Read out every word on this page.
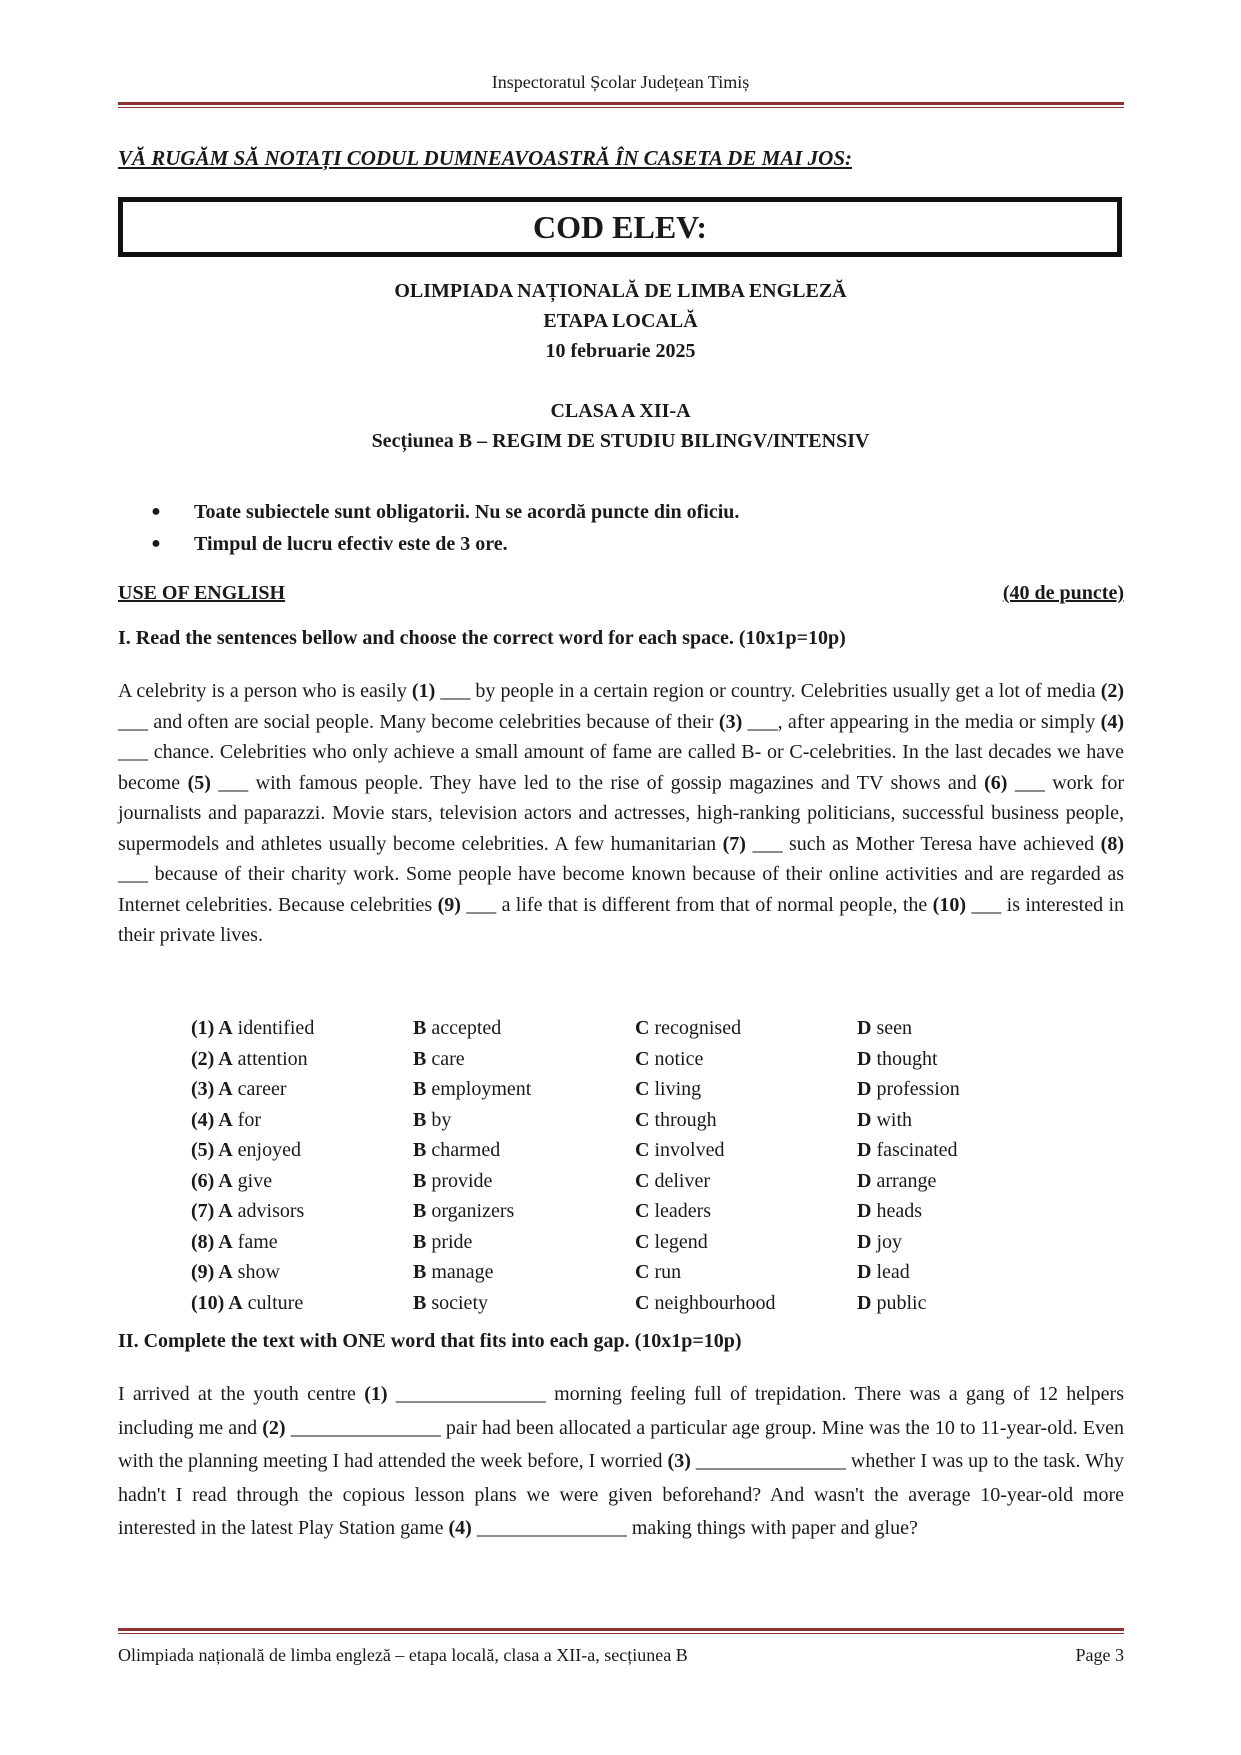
Inspectoratul Școlar Județean Timiș
VĂ RUGĂM SĂ NOTAȚI CODUL DUMNEAVOASTRĂ ÎN CASETA DE MAI JOS:
COD ELEV:
OLIMPIADA NAȚIONALĂ DE LIMBA ENGLEZĂ
ETAPA LOCALĂ
10 februarie 2025
CLASA A XII-A
Secțiunea B – REGIM DE STUDIU BILINGV/INTENSIV
●	Toate subiectele sunt obligatorii. Nu se acordă puncte din oficiu.
●	Timpul de lucru efectiv este de 3 ore.
USE OF ENGLISH	(40 de puncte)
I. Read the sentences bellow and choose the correct word for each space. (10x1p=10p)
A celebrity is a person who is easily (1) ___ by people in a certain region or country. Celebrities usually get a lot of media (2) ___ and often are social people. Many become celebrities because of their (3) ___, after appearing in the media or simply (4) ___ chance. Celebrities who only achieve a small amount of fame are called B- or C-celebrities. In the last decades we have become (5) ___ with famous people. They have led to the rise of gossip magazines and TV shows and (6) ___ work for journalists and paparazzi. Movie stars, television actors and actresses, high-ranking politicians, successful business people, supermodels and athletes usually become celebrities. A few humanitarian (7) ___ such as Mother Teresa have achieved (8) ___ because of their charity work. Some people have become known because of their online activities and are regarded as Internet celebrities. Because celebrities (9) ___ a life that is different from that of normal people, the (10) ___ is interested in their private lives.
(1) A identified	B accepted	C recognised	D seen
(2) A attention	B care	C notice	D thought
(3) A career	B employment	C living	D profession
(4) A for	B by	C through	D with
(5) A enjoyed	B charmed	C involved	D fascinated
(6) A give	B provide	C deliver	D arrange
(7) A advisors	B organizers	C leaders	D heads
(8) A fame	B pride	C legend	D joy
(9) A show	B manage	C run	D lead
(10) A culture	B society	C neighbourhood	D public
II. Complete the text with ONE word that fits into each gap. (10x1p=10p)
I arrived at the youth centre (1) _______________ morning feeling full of trepidation. There was a gang of 12 helpers including me and (2) _______________ pair had been allocated a particular age group. Mine was the 10 to 11-year-old. Even with the planning meeting I had attended the week before, I worried (3) _______________ whether I was up to the task. Why hadn't I read through the copious lesson plans we were given beforehand? And wasn't the average 10-year-old more interested in the latest Play Station game (4) _______________ making things with paper and glue?
Olimpiada națională de limba engleză – etapa locală, clasa a XII-a, secțiunea B	Page 3
